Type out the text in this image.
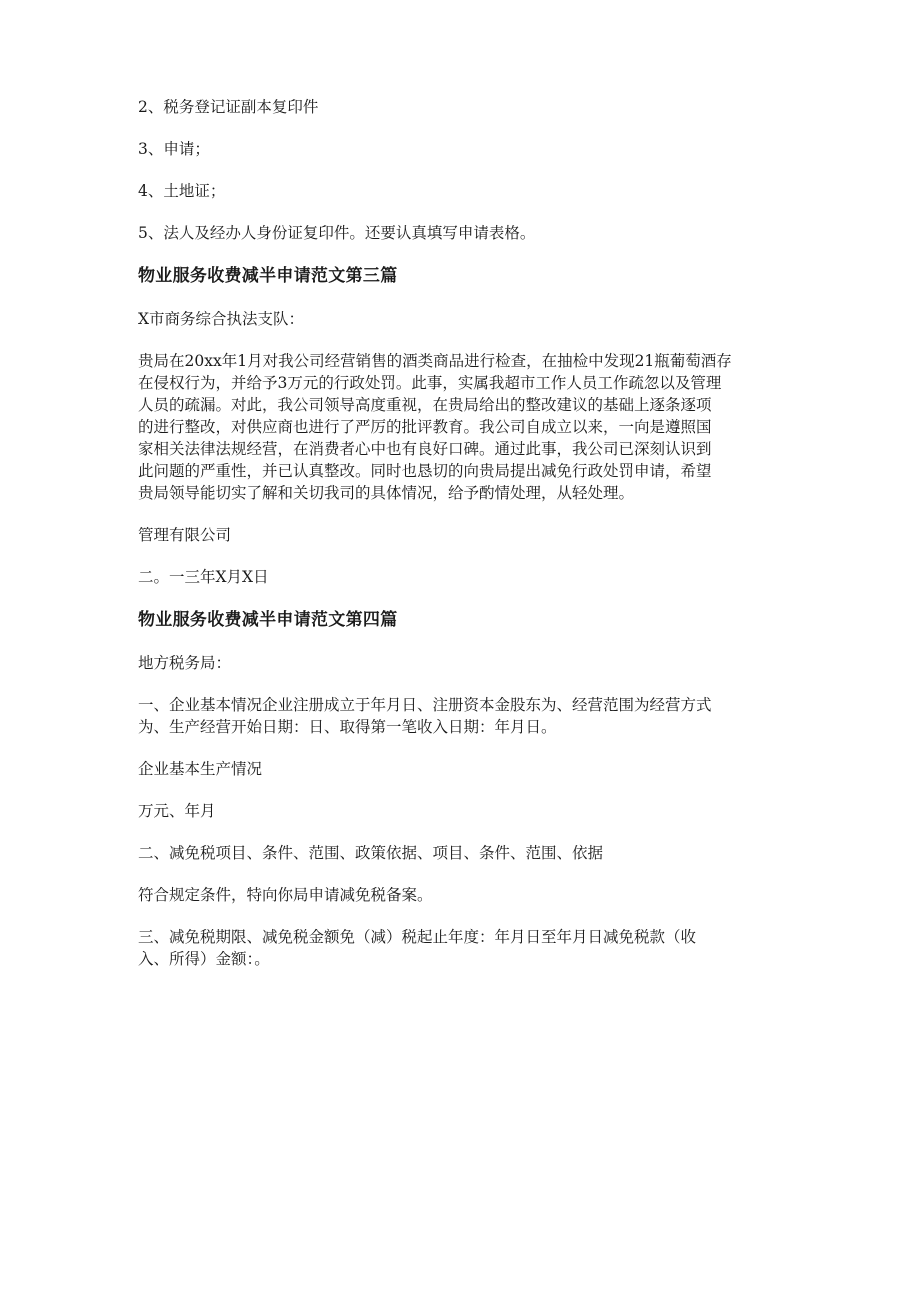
2、税务登记证副本复印件

3、申请；

4、土地证；

5、法人及经办人身份证复印件。还要认真填写申请表格。

物业服务收费减半申请范文第三篇

X市商务综合执法支队：

贵局在20xx年1月对我公司经营销售的酒类商品进行检查，在抽检中发现21瓶葡萄酒存
在侵权行为，并给予3万元的行政处罚。此事，实属我超市工作人员工作疏忽以及管理
人员的疏漏。对此，我公司领导高度重视，在贵局给出的整改建议的基础上逐条逐项
的进行整改，对供应商也进行了严厉的批评教育。我公司自成立以来，一向是遵照国
家相关法律法规经营，在消费者心中也有良好口碑。通过此事，我公司已深刻认识到
此问题的严重性，并已认真整改。同时也恳切的向贵局提出减免行政处罚申请，希望
贵局领导能切实了解和关切我司的具体情况，给予酌情处理，从轻处理。

管理有限公司

二。一三年X月X日

物业服务收费减半申请范文第四篇

地方税务局：

一、企业基本情况企业注册成立于年月日、注册资本金股东为、经营范围为经营方式
为、生产经营开始日期：日、取得第一笔收入日期：年月日。

企业基本生产情况

万元、年月

二、减免税项目、条件、范围、政策依据、项目、条件、范围、依据

符合规定条件，特向你局申请减免税备案。

三、减免税期限、减免税金额免（减）税起止年度：年月日至年月日减免税款（收
入、所得）金额：。
